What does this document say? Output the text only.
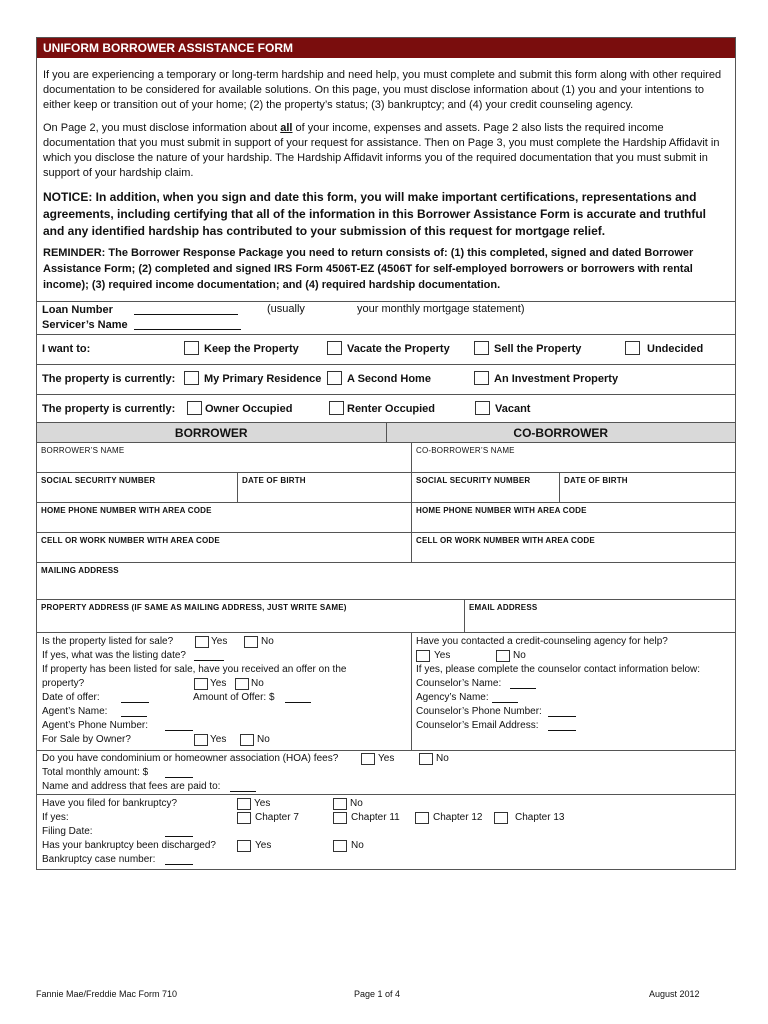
UNIFORM BORROWER ASSISTANCE FORM

If you are experiencing a temporary or long-term hardship and need help, you must complete and submit this form along with other required documentation to be considered for available solutions. On this page, you must disclose information about (1) you and your intentions to either keep or transition out of your home; (2) the property’s status; (3) bankruptcy; and (4) your credit counseling agency.

On Page 2, you must disclose information about all of your income, expenses and assets. Page 2 also lists the required income documentation that you must submit in support of your request for assistance. Then on Page 3, you must complete the Hardship Affidavit in which you disclose the nature of your hardship. The Hardship Affidavit informs you of the required documentation that you must submit in support of your hardship claim.

NOTICE: In addition, when you sign and date this form, you will make important certifications, representations and agreements, including certifying that all of the information in this Borrower Assistance Form is accurate and truthful and any identified hardship has contributed to your submission of this request for mortgage relief.

REMINDER: The Borrower Response Package you need to return consists of: (1) this completed, signed and dated Borrower Assistance Form; (2) completed and signed IRS Form 4506T-EZ (4506T for self-employed borrowers or borrowers with rental income); (3) required income documentation; and (4) required hardship documentation.

Loan Number	(usually	your monthly mortgage statement)
Servicer’s Name
I want to:	Keep the Property	Vacate the Property	Sell the Property	Undecided
The property is currently:	My Primary Residence A Second Home	An Investment Property
The property is currently:	Owner Occupied	Renter Occupied	Vacant
BORROWER	CO-BORROWER
BORROWER’S NAME	CO-BORROWER’S NAME
SOCIAL SECURITY NUMBER	DATE OF BIRTH	SOCIAL SECURITY NUMBER	DATE OF BIRTH
HOME PHONE NUMBER WITH AREA CODE	HOME PHONE NUMBER WITH AREA CODE
CELL OR WORK NUMBER WITH AREA CODE	CELL OR WORK NUMBER WITH AREA CODE
MAILING ADDRESS
PROPERTY ADDRESS (IF SAME AS MAILING ADDRESS, JUST WRITE SAME)	EMAIL ADDRESS
Is the property listed for sale?	Yes	No
If yes, what was the listing date?
If property has been listed for sale, have you received an offer on the
property?	Yes No
Date of offer:	Amount of Offer: $
Agent’s Name:
Agent’s Phone Number:
For Sale by Owner?	Yes	No
Have you contacted a credit-counseling agency for help?
Yes	No
If yes, please complete the counselor contact information below:
Counselor’s Name:
Agency’s Name:
Counselor’s Phone Number:
Counselor’s Email Address:
Do you have condominium or homeowner association (HOA) fees?	Yes	No
Total monthly amount: $
Name and address that fees are paid to:
Have you filed for bankruptcy?	Yes	No
If yes:	Chapter 7	Chapter 11	Chapter 12	Chapter 13
Filing Date:
Has your bankruptcy been discharged?	Yes	No
Bankruptcy case number:
Fannie Mae/Freddie Mac Form 710	Page 1 of 4	August 2012
